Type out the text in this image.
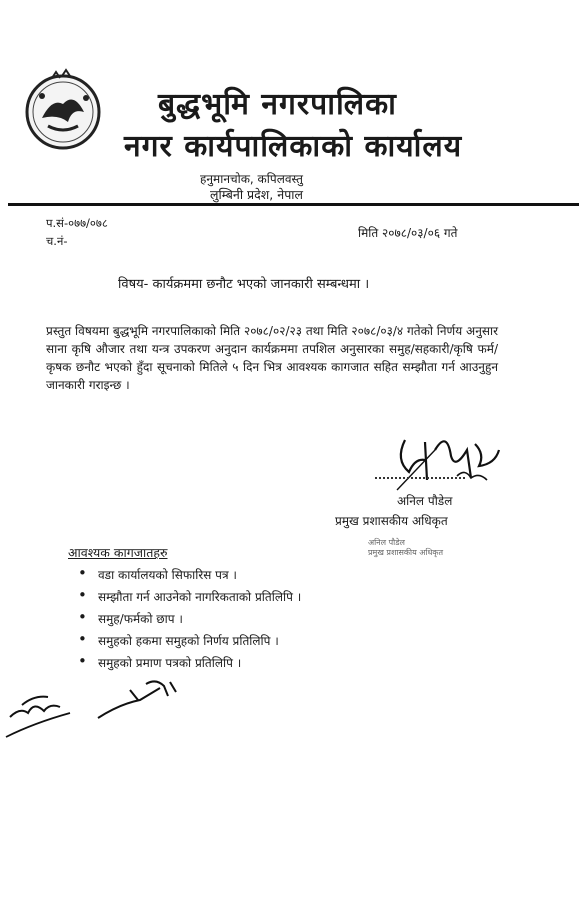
बुद्धभूमि नगरपालिका
नगर कार्यपालिकाको कार्यालय
हनुमानचोक, कपिलवस्तु
लुम्बिनी प्रदेश, नेपाल
प.सं-०७७/०७८
च.नं-
मिति २०७८/०३/०६ गते
विषय- कार्यक्रममा छनौट भएको जानकारी सम्बन्धमा ।
प्रस्तुत विषयमा बुद्धभूमि नगरपालिकाको मिति २०७८/०२/२३ तथा मिति २०७८/०३/४ गतेको निर्णय अनुसार साना कृषि औजार तथा यन्त्र उपकरण अनुदान कार्यक्रममा तपशिल अनुसारका समुह/सहकारी/कृषि फर्म/कृषक छनौट भएको हुँदा सूचनाको मितिले ५ दिन भित्र आवश्यक कागजात सहित सम्झौता गर्न आउनुहुन जानकारी गराइन्छ ।
अनिल पौडेल
प्रमुख प्रशासकीय अधिकृत
अनिल पौडेल
प्रमुख प्रशासकीय अधिकृत
आवश्यक कागजातहरु
• वडा कार्यालयको सिफारिस पत्र ।
• सम्झौता गर्न आउनेको नागरिकताको प्रतिलिपि ।
• समुह/फर्मको छाप ।
• समुहको हकमा समुहको निर्णय प्रतिलिपि ।
• समुहको प्रमाण पत्रको प्रतिलिपि ।
